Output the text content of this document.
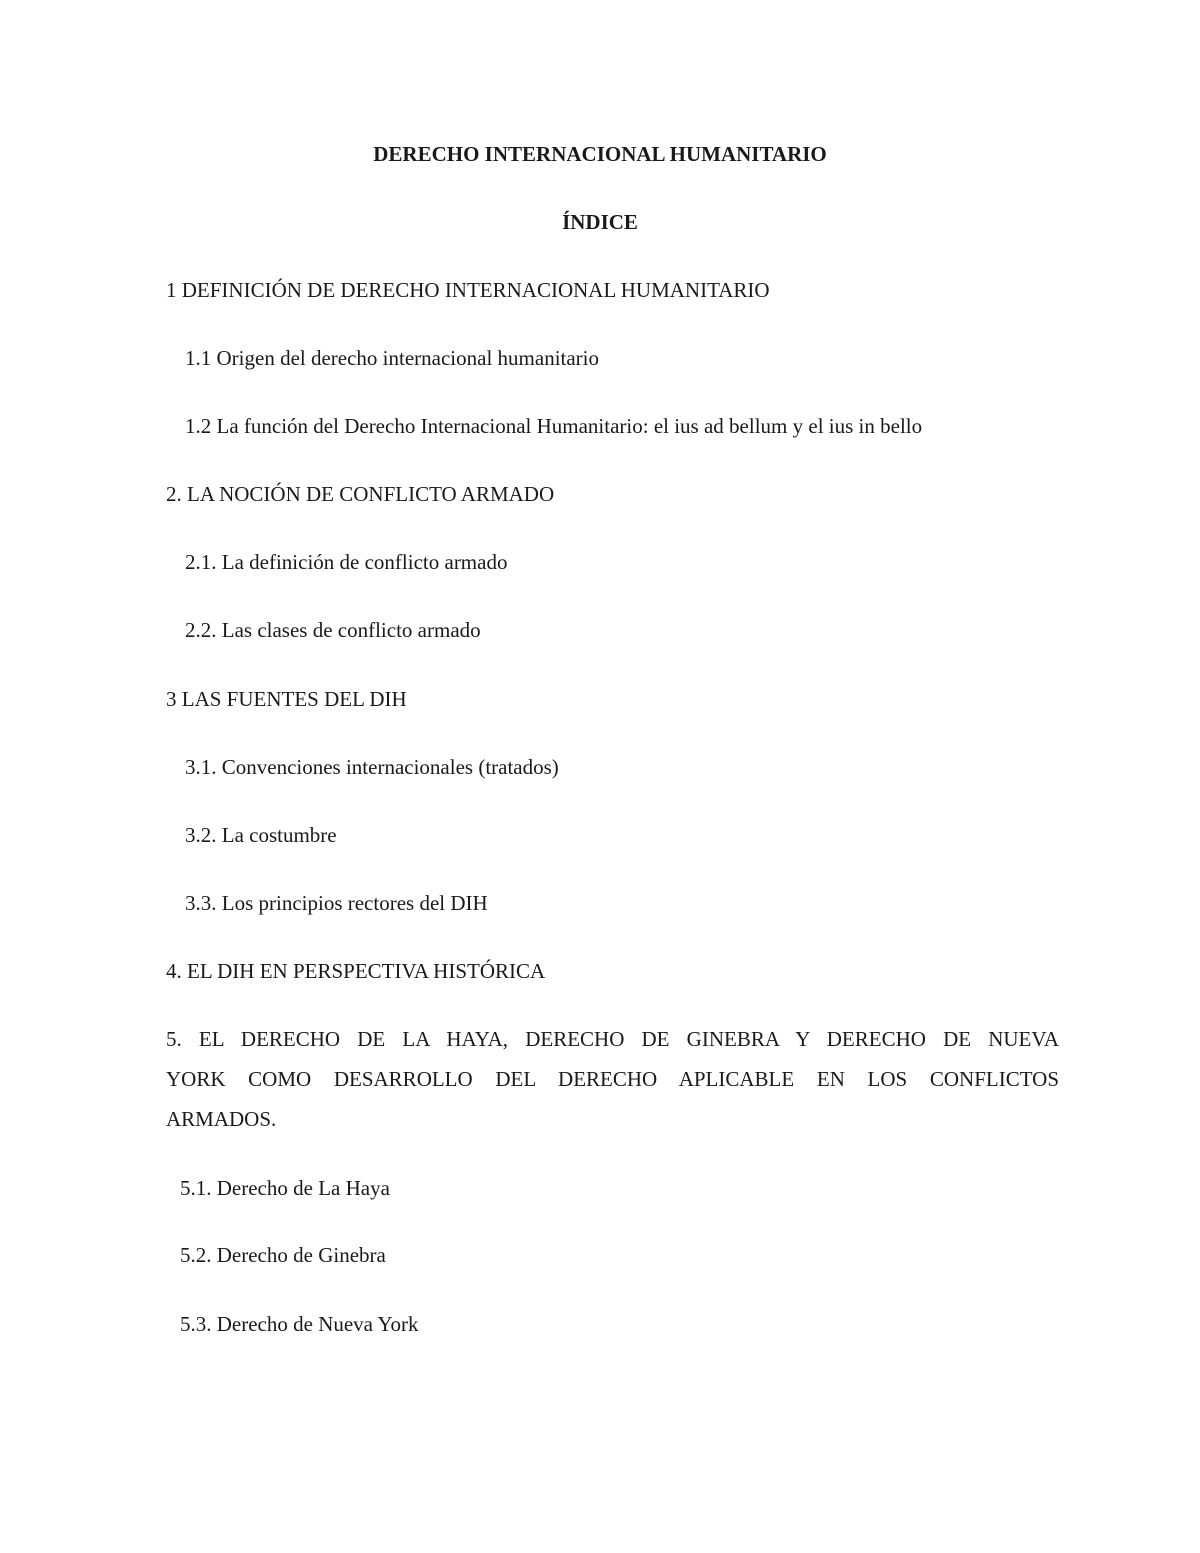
DERECHO INTERNACIONAL HUMANITARIO
ÍNDICE
1 DEFINICIÓN DE DERECHO INTERNACIONAL HUMANITARIO
1.1 Origen del derecho internacional humanitario
1.2 La función del Derecho Internacional Humanitario: el ius ad bellum y el ius in bello
2. LA NOCIÓN DE CONFLICTO ARMADO
2.1. La definición de conflicto armado
2.2. Las clases de conflicto armado
3 LAS FUENTES DEL DIH
3.1. Convenciones internacionales (tratados)
3.2. La costumbre
3.3. Los principios rectores del DIH
4. EL DIH EN PERSPECTIVA HISTÓRICA
5. EL DERECHO DE LA HAYA, DERECHO DE GINEBRA Y DERECHO DE NUEVA
YORK COMO DESARROLLO DEL DERECHO APLICABLE EN LOS CONFLICTOS
ARMADOS.
5.1. Derecho de La Haya
5.2. Derecho de Ginebra
5.3. Derecho de Nueva York
